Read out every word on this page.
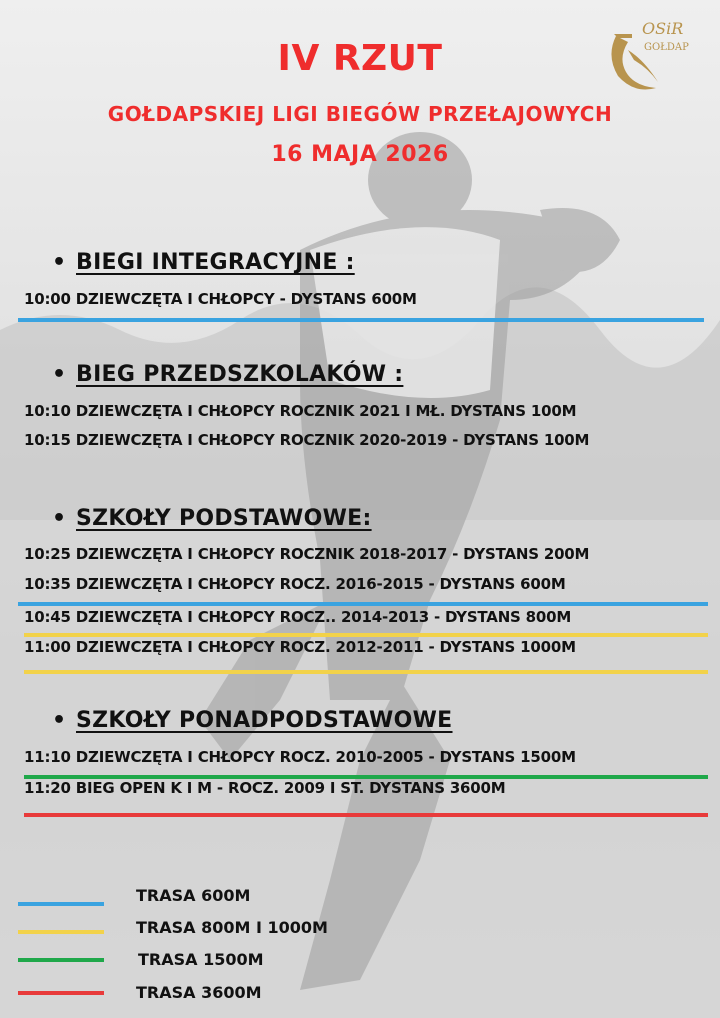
OSiR
GOŁDAP
IV RZUT
GOŁDAPSKIEJ LIGI BIEGÓW PRZEŁAJOWYCH
16 MAJA 2026
• BIEGI INTEGRACYJNE :
10:00 DZIEWCZĘTA I CHŁOPCY - DYSTANS 600M
• BIEG PRZEDSZKOLAKÓW :
10:10 DZIEWCZĘTA I CHŁOPCY ROCZNIK 2021 I MŁ. DYSTANS 100M
10:15 DZIEWCZĘTA I CHŁOPCY ROCZNIK 2020-2019 - DYSTANS 100M
• SZKOŁY PODSTAWOWE:
10:25 DZIEWCZĘTA I CHŁOPCY ROCZNIK 2018-2017 - DYSTANS 200M
10:35 DZIEWCZĘTA I CHŁOPCY ROCZ. 2016-2015 - DYSTANS 600M
10:45 DZIEWCZĘTA I CHŁOPCY ROCZ.. 2014-2013 - DYSTANS 800M
11:00 DZIEWCZĘTA I CHŁOPCY ROCZ. 2012-2011 - DYSTANS 1000M
• SZKOŁY PONADPODSTAWOWE
11:10 DZIEWCZĘTA I CHŁOPCY ROCZ. 2010-2005 - DYSTANS 1500M
11:20 BIEG OPEN K I M - ROCZ. 2009 I ST. DYSTANS 3600M
TRASA 600M
TRASA 800M I 1000M
TRASA 1500M
TRASA 3600M
